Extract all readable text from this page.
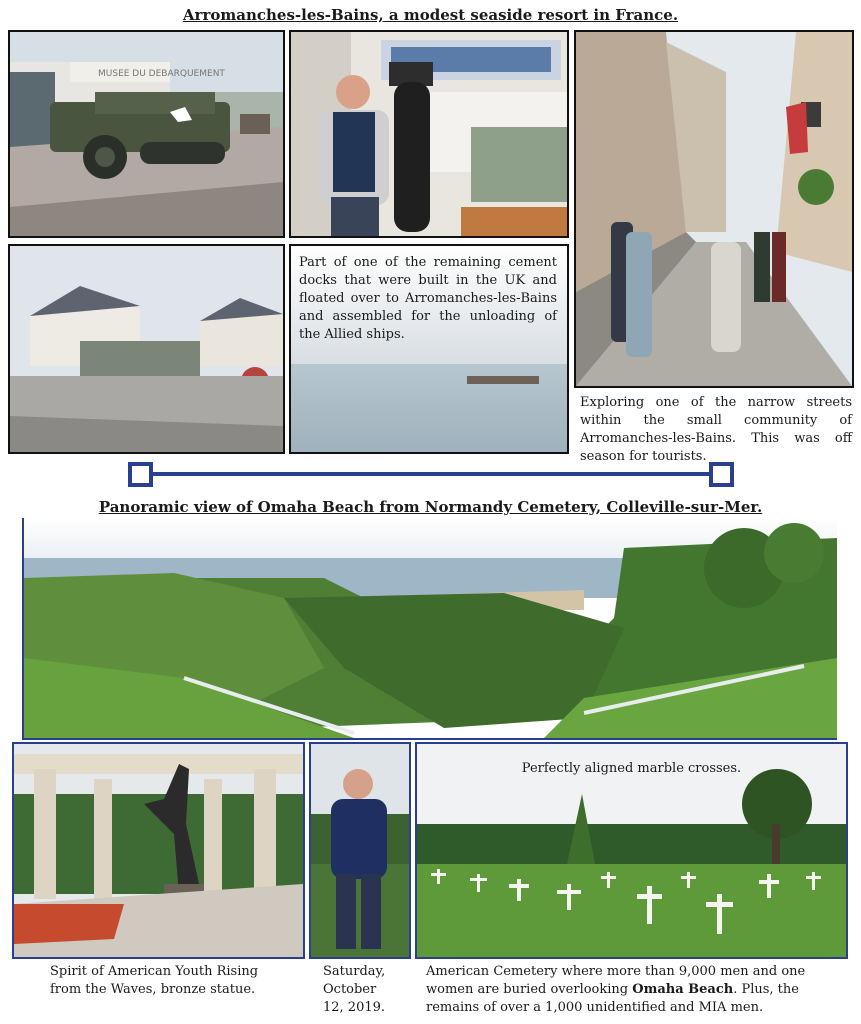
Arromanches-les-Bains, a modest seaside resort in France.
MUSEE DU DEBARQUEMENT
Part of one of the remaining cement docks that were built in the UK and floated over to Arromanches-les-Bains and assembled for the unloading of the Allied ships.
Exploring one of the narrow streets within the small community of Arromanches-les-Bains. This was off season for tourists.
Panoramic view of Omaha Beach from Normandy Cemetery, Colleville-sur-Mer.
Perfectly aligned marble crosses.
Spirit of American Youth Rising from the Waves, bronze statue.
Saturday, October 12, 2019.
American Cemetery where more than 9,000 men and one women are buried overlooking Omaha Beach. Plus, the remains of over a 1,000 unidentified and MIA men.
